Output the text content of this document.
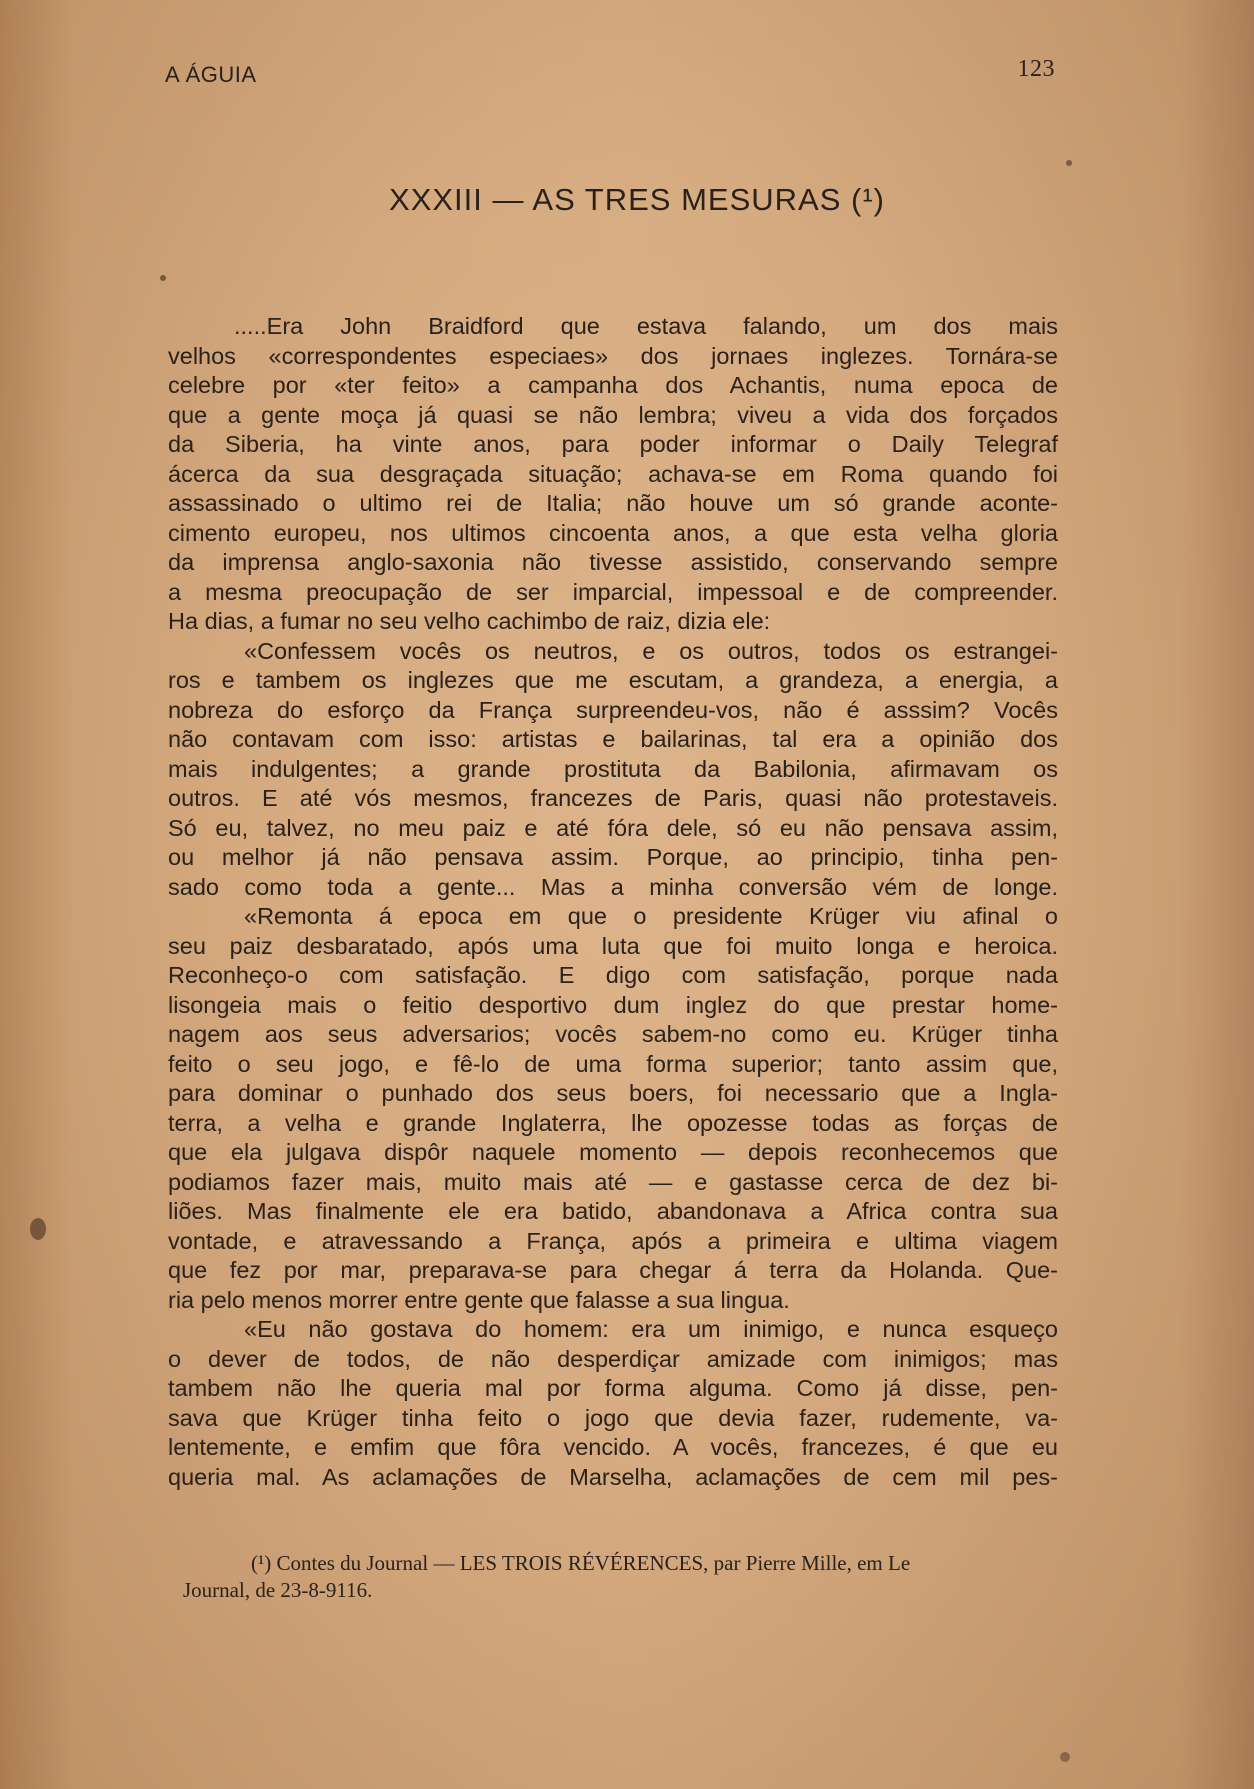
A ÁGUIA	123
XXXIII — AS TRES MESURAS (¹)
.....Era John Braidford que estava falando, um dos mais
velhos «correspondentes especiaes» dos jornaes inglezes. Tornára-se
celebre por «ter feito» a campanha dos Achantis, numa epoca de
que a gente moça já quasi se não lembra; viveu a vida dos forçados
da Siberia, ha vinte anos, para poder informar o Daily Telegraf
ácerca da sua desgraçada situação; achava-se em Roma quando foi
assassinado o ultimo rei de Italia; não houve um só grande aconte-
cimento europeu, nos ultimos cincoenta anos, a que esta velha gloria
da imprensa anglo-saxonia não tivesse assistido, conservando sempre
a mesma preocupação de ser imparcial, impessoal e de compreender.
Ha dias, a fumar no seu velho cachimbo de raiz, dizia ele:
«Confessem vocês os neutros, e os outros, todos os estrangei-
ros e tambem os inglezes que me escutam, a grandeza, a energia, a
nobreza do esforço da França surpreendeu-vos, não é asssim? Vocês
não contavam com isso: artistas e bailarinas, tal era a opinião dos
mais indulgentes; a grande prostituta da Babilonia, afirmavam os
outros. E até vós mesmos, francezes de Paris, quasi não protestaveis.
Só eu, talvez, no meu paiz e até fóra dele, só eu não pensava assim,
ou melhor já não pensava assim. Porque, ao principio, tinha pen-
sado como toda a gente... Mas a minha conversão vém de longe.
«Remonta á epoca em que o presidente Krüger viu afinal o
seu paiz desbaratado, após uma luta que foi muito longa e heroica.
Reconheço-o com satisfação. E digo com satisfação, porque nada
lisongeia mais o feitio desportivo dum inglez do que prestar home-
nagem aos seus adversarios; vocês sabem-no como eu. Krüger tinha
feito o seu jogo, e fê-lo de uma forma superior; tanto assim que,
para dominar o punhado dos seus boers, foi necessario que a Ingla-
terra, a velha e grande Inglaterra, lhe opozesse todas as forças de
que ela julgava dispôr naquele momento — depois reconhecemos que
podiamos fazer mais, muito mais até — e gastasse cerca de dez bi-
liões. Mas finalmente ele era batido, abandonava a Africa contra sua
vontade, e atravessando a França, após a primeira e ultima viagem
que fez por mar, preparava-se para chegar á terra da Holanda. Que-
ria pelo menos morrer entre gente que falasse a sua lingua.
«Eu não gostava do homem: era um inimigo, e nunca esqueço
o dever de todos, de não desperdiçar amizade com inimigos; mas
tambem não lhe queria mal por forma alguma. Como já disse, pen-
sava que Krüger tinha feito o jogo que devia fazer, rudemente, va-
lentemente, e emfim que fôra vencido. A vocês, francezes, é que eu
queria mal. As aclamações de Marselha, aclamações de cem mil pes-
(¹) Contes du Journal — LES TROIS RÉVÉRENCES, par Pierre Mille, em Le
Journal, de 23-8-9116.
